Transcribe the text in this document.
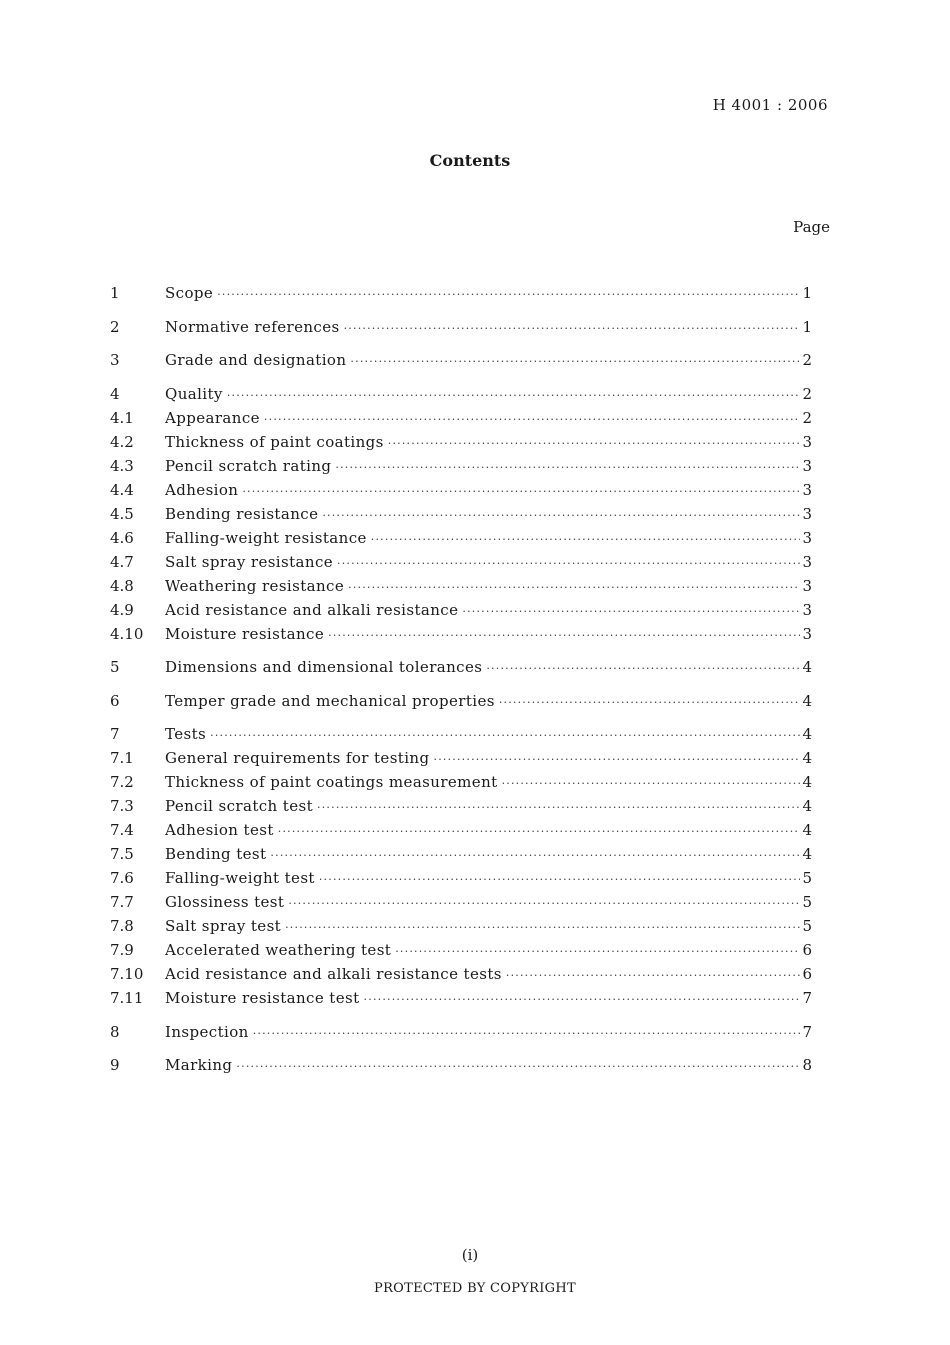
H 4001 : 2006
Contents
Page
1	Scope ·····	1
2	Normative references ·····	1
3	Grade and designation ·····	2
4	Quality ·····	2
4.1	Appearance ·····	2
4.2	Thickness of paint coatings ·····	3
4.3	Pencil scratch rating ·····	3
4.4	Adhesion ·····	3
4.5	Bending resistance ·····	3
4.6	Falling-weight resistance ·····	3
4.7	Salt spray resistance ·····	3
4.8	Weathering resistance ·····	3
4.9	Acid resistance and alkali resistance ·····	3
4.10	Moisture resistance ·····	3
5	Dimensions and dimensional tolerances ·····	4
6	Temper grade and mechanical properties ·····	4
7	Tests ·····	4
7.1	General requirements for testing ·····	4
7.2	Thickness of paint coatings measurement ·····	4
7.3	Pencil scratch test ·····	4
7.4	Adhesion test ·····	4
7.5	Bending test ·····	4
7.6	Falling-weight test ·····	5
7.7	Glossiness test ·····	5
7.8	Salt spray test ·····	5
7.9	Accelerated weathering test ·····	6
7.10	Acid resistance and alkali resistance tests ·····	6
7.11	Moisture resistance test ·····	7
8	Inspection ·····	7
9	Marking ·····	8
(i)
PROTECTED BY COPYRIGHT
